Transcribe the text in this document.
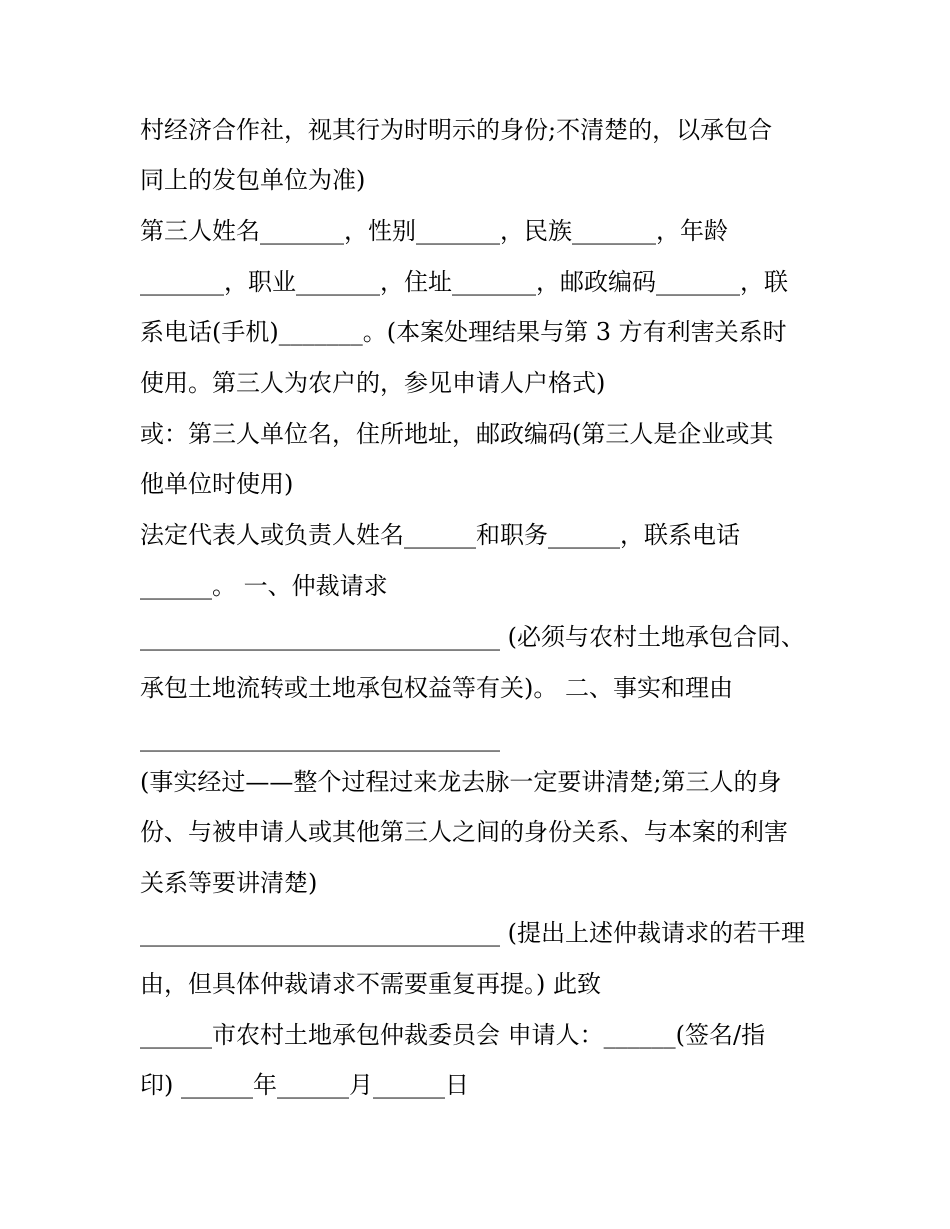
村经济合作社，视其行为时明示的身份;不清楚的，以承包合
同上的发包单位为准)
第三人姓名_______，性别_______，民族_______，年龄
_______，职业_______，住址_______，邮政编码_______，联
系电话(手机)_______。(本案处理结果与第 3 方有利害关系时
使用。第三人为农户的，参见申请人户格式)
或：第三人单位名，住所地址，邮政编码(第三人是企业或其
他单位时使用)
法定代表人或负责人姓名______和职务______，联系电话
______。 一、仲裁请求
______________________________ (必须与农村土地承包合同、
承包土地流转或土地承包权益等有关)。 二、事实和理由
______________________________
(事实经过——整个过程过来龙去脉一定要讲清楚;第三人的身
份、与被申请人或其他第三人之间的身份关系、与本案的利害
关系等要讲清楚)
______________________________ (提出上述仲裁请求的若干理
由，但具体仲裁请求不需要重复再提。) 此致
______市农村土地承包仲裁委员会 申请人：______(签名/指
印) ______年______月______日
